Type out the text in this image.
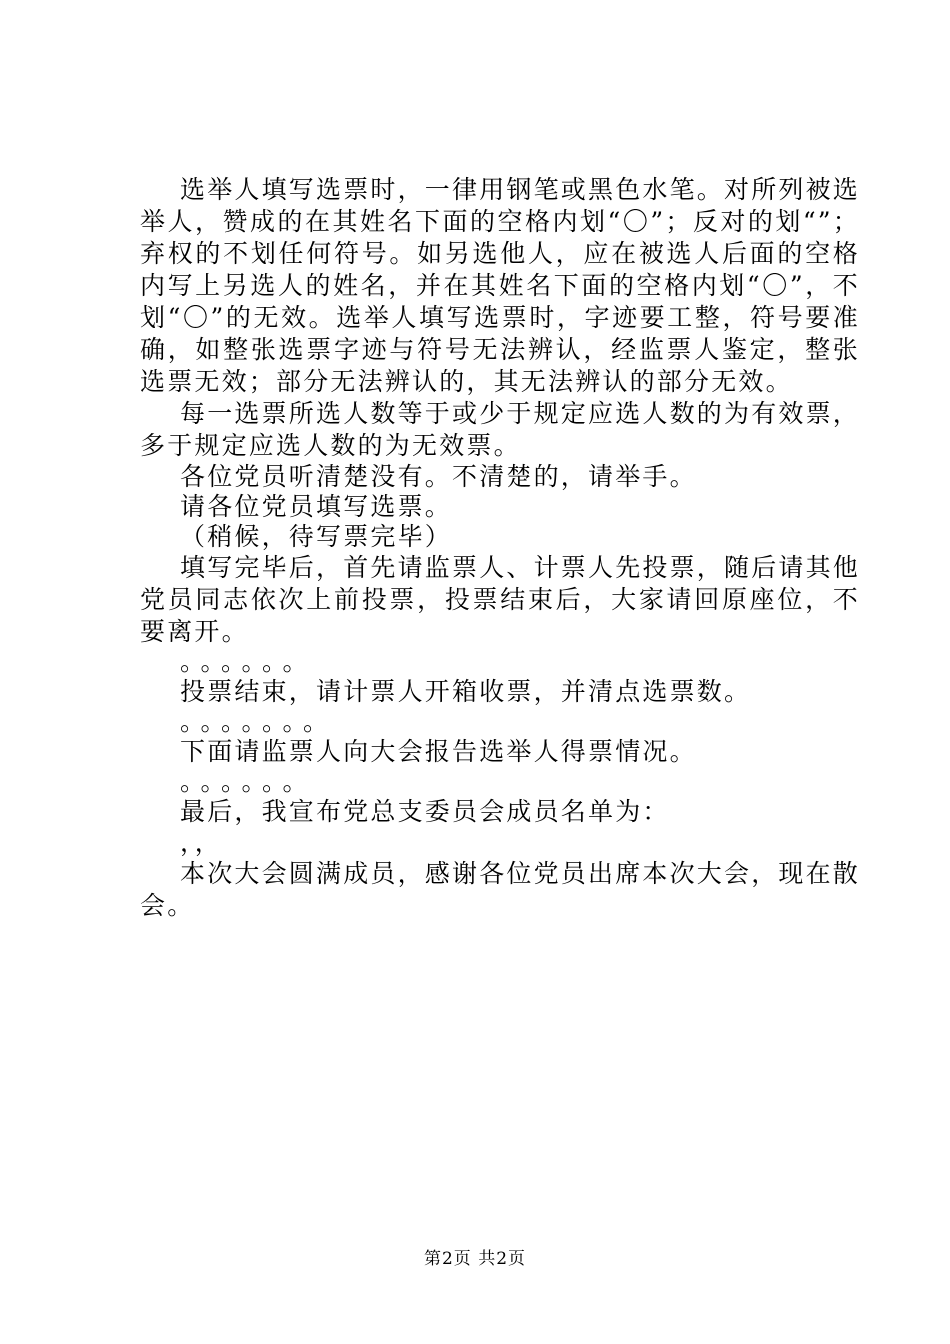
选举人填写选票时，一律用钢笔或黑色水笔。对所列被选举人，赞成的在其姓名下面的空格内划“〇”；反对的划“”；弃权的不划任何符号。如另选他人，应在被选人后面的空格内写上另选人的姓名，并在其姓名下面的空格内划“〇”，不划“〇”的无效。选举人填写选票时，字迹要工整，符号要准确，如整张选票字迹与符号无法辨认，经监票人鉴定，整张选票无效；部分无法辨认的，其无法辨认的部分无效。

每一选票所选人数等于或少于规定应选人数的为有效票，多于规定应选人数的为无效票。

各位党员听清楚没有。不清楚的，请举手。

请各位党员填写选票。

（稍候，待写票完毕）

填写完毕后，首先请监票人、计票人先投票，随后请其他党员同志依次上前投票，投票结束后，大家请回原座位，不要离开。

。。。。。。

投票结束，请计票人开箱收票，并清点选票数。

。。。。。。。

下面请监票人向大会报告选举人得票情况。

。。。。。。

最后，我宣布党总支委员会成员名单为：

，，

本次大会圆满成员，感谢各位党员出席本次大会，现在散会。

第2页 共2页
